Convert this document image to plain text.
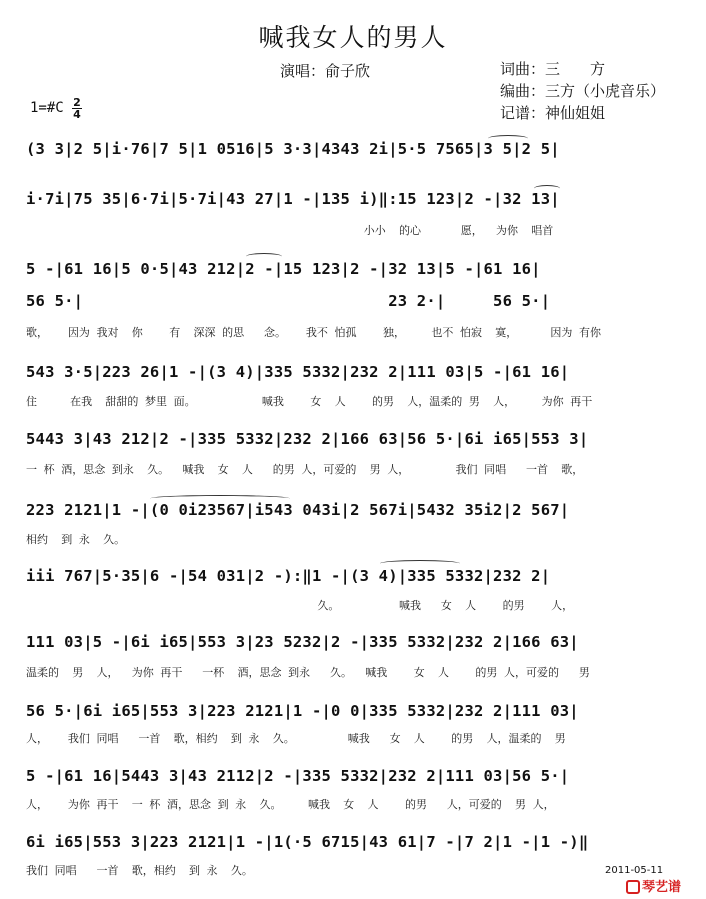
喊我女人的男人
演唱：俞子欣	词曲：三　　方
编曲：三方（小虎音乐）
记谱：神仙姐姐
1=#C 2
4
(3 3|2 5|i·76|7 5|1 0516|5 3·3|4343 2i|5·5 7565|3 5|2 5|
i·7i|75 35|6·7i|5·7i|43 27|1 -|135 i)‖:15 123|2 -|32 13|
小小  的心      愿，  为你  唱首
5 -|61 16|5 0·5|43 212|2 -|15 123|2 -|32 13|5 -|61 16|
56 5·|                                23 2·|     56 5·|
歌，   因为 我对  你    有  深深 的思   念。   我不 怕孤    独，    也不 怕寂  寞，     因为 有你
543 3·5|223 26|1 -|(3 4)|335 5332|232 2|111 03|5 -|61 16|
住     在我  甜甜的 梦里 面。          喊我    女  人    的男  人，温柔的 男  人，    为你 再干
5443 3|43 212|2 -|335 5332|232 2|166 63|56 5·|6i i65|553 3|
一 杯 酒，思念 到永  久。  喊我  女  人   的男 人，可爱的  男 人，       我们 同唱   一首  歌，
223 2121|1 -|(0 0i23567|i543 043i|2 567i|5432 35i2|2 567|
相约  到 永  久。
iii 767|5·35|6 -|54 031|2 -):‖1 -|(3 4)|335 5332|232 2|
久。         喊我   女  人    的男    人，
111 03|5 -|6i i65|553 3|23 5232|2 -|335 5332|232 2|166 63|
温柔的  男  人，  为你 再干   一杯  酒，思念 到永   久。  喊我    女  人    的男 人，可爱的   男
56 5·|6i i65|553 3|223 2121|1 -|0 0|335 5332|232 2|111 03|
人，   我们 同唱   一首  歌，相约  到 永  久。        喊我   女  人    的男  人，温柔的  男
5 -|61 16|5443 3|43 2112|2 -|335 5332|232 2|111 03|56 5·|
人，   为你 再干  一 杯 酒，思念 到 永  久。    喊我  女  人    的男   人，可爱的  男 人，
6i i65|553 3|223 2121|1 -|1(·5 6715|43 61|7 -|7 2|1 -|1 -)‖
我们 同唱   一首  歌，相约  到 永  久。	2011-05-11
琴艺谱
